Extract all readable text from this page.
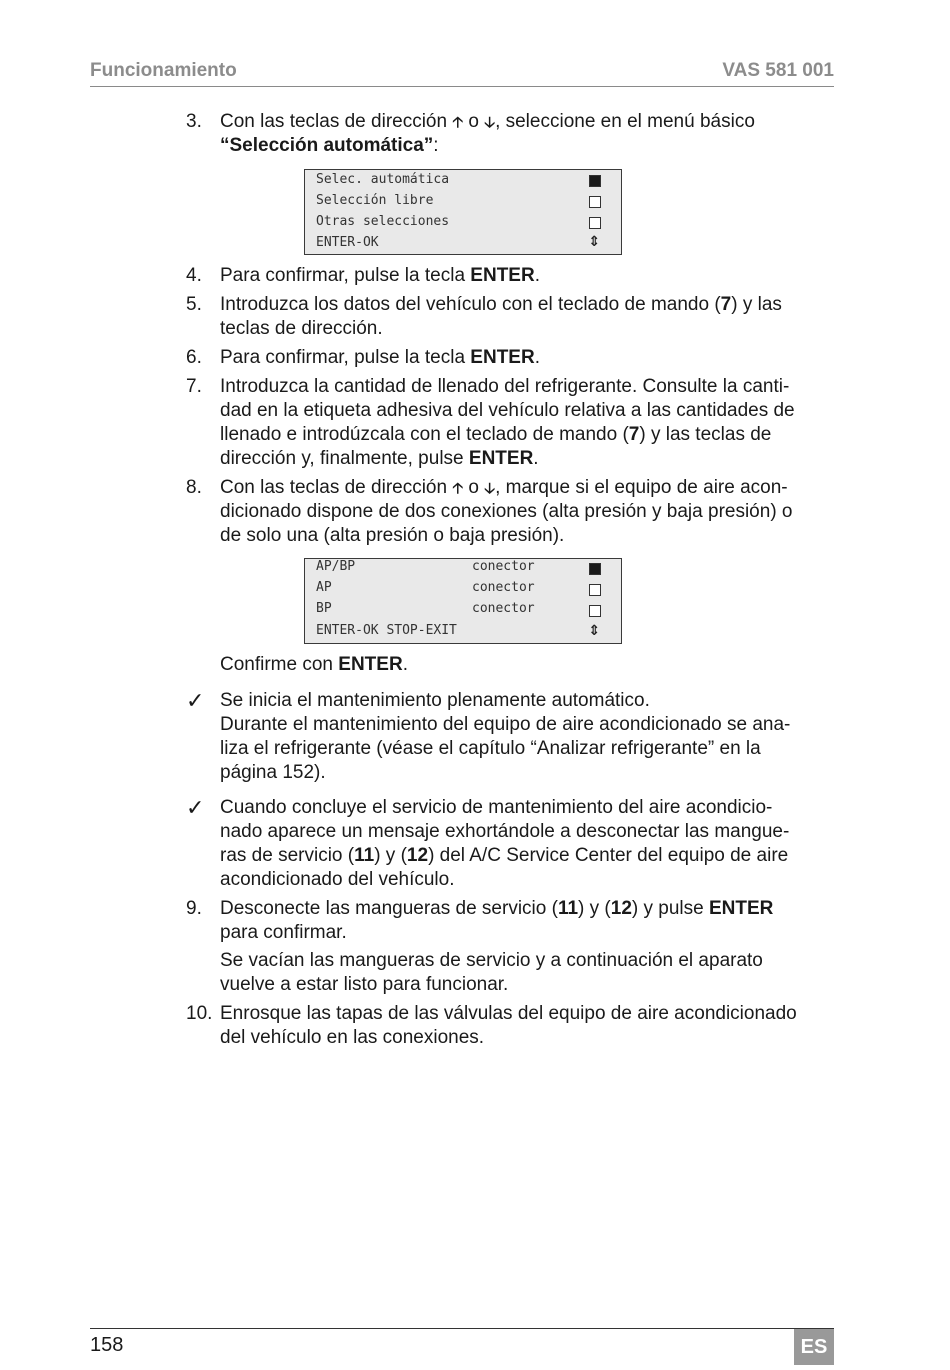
Funcionamiento	VAS 581 001
3. Con las teclas de dirección 🡡 o 🡣, seleccione en el menú básico
“Selección automática”:
Selec. automática
Selección libre
Otras selecciones
ENTER-OK	⇕
4. Para confirmar, pulse la tecla ENTER.
5. Introduzca los datos del vehículo con el teclado de mando (7) y las
teclas de dirección.
6. Para confirmar, pulse la tecla ENTER.
7. Introduzca la cantidad de llenado del refrigerante. Consulte la canti-
dad en la etiqueta adhesiva del vehículo relativa a las cantidades de
llenado e introdúzcala con el teclado de mando (7) y las teclas de
dirección y, finalmente, pulse ENTER.
8. Con las teclas de dirección 🡡 o 🡣, marque si el equipo de aire acon-
dicionado dispone de dos conexiones (alta presión y baja presión) o
de solo una (alta presión o baja presión).
AP/BP	conector
AP	conector
BP	conector
ENTER-OK STOP-EXIT	⇕
Confirme con ENTER.
✓ Se inicia el mantenimiento plenamente automático.
Durante el mantenimiento del equipo de aire acondicionado se ana-
liza el refrigerante (véase el capítulo “Analizar refrigerante” en la
página 152).
✓ Cuando concluye el servicio de mantenimiento del aire acondicio-
nado aparece un mensaje exhortándole a desconectar las mangue-
ras de servicio (11) y (12) del A/C Service Center del equipo de aire
acondicionado del vehículo.
9. Desconecte las mangueras de servicio (11) y (12) y pulse ENTER
para confirmar.
Se vacían las mangueras de servicio y a continuación el aparato
vuelve a estar listo para funcionar.
10. Enrosque las tapas de las válvulas del equipo de aire acondicionado
del vehículo en las conexiones.
158	ES
